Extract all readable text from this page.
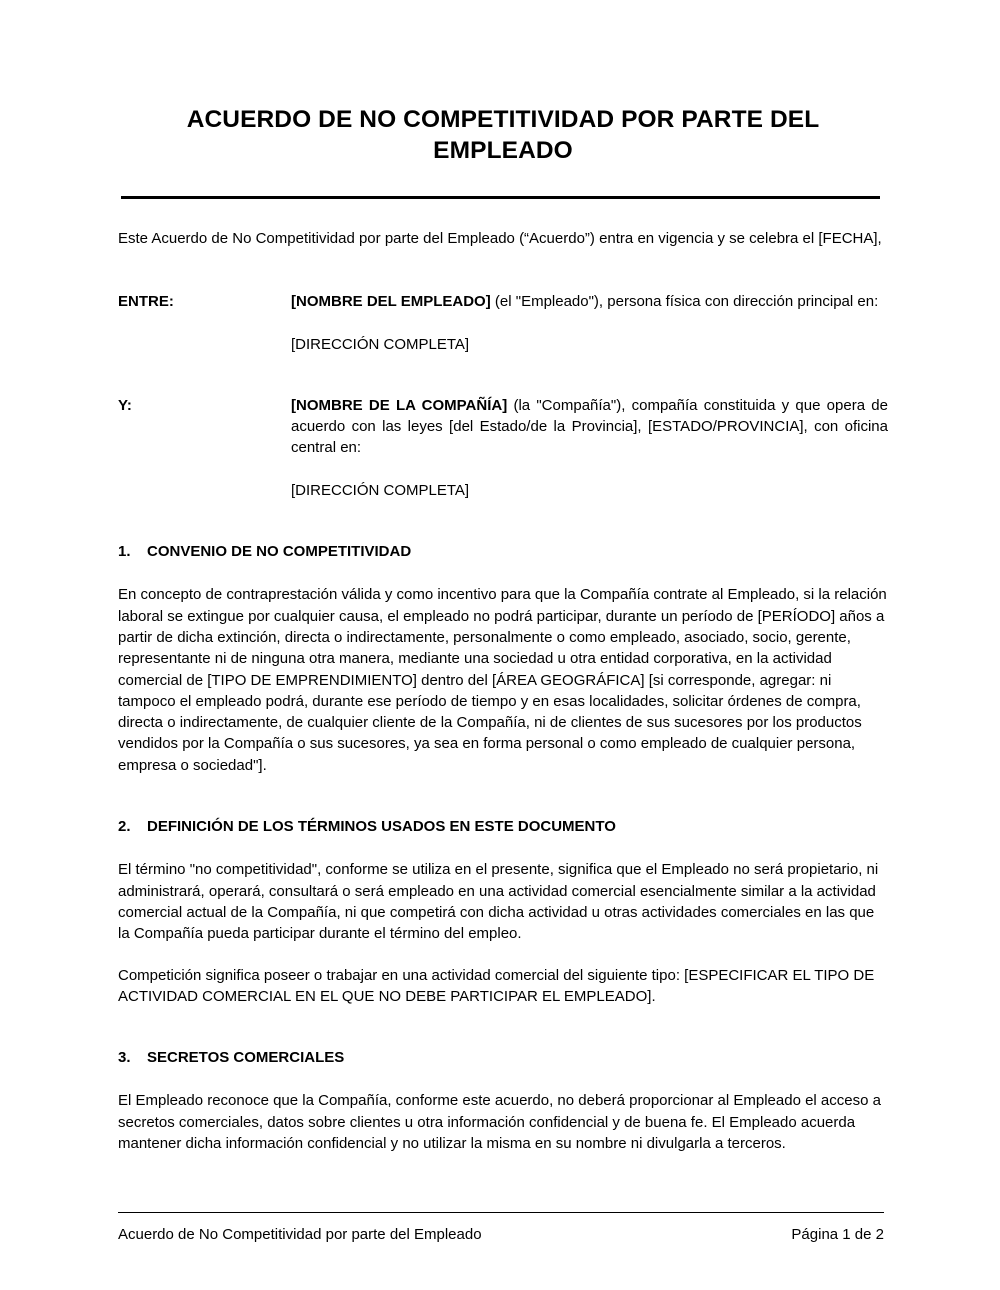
ACUERDO DE NO COMPETITIVIDAD POR PARTE DEL EMPLEADO

Este Acuerdo de No Competitividad por parte del Empleado (“Acuerdo”) entra en vigencia y se celebra el [FECHA],

ENTRE:	[NOMBRE DEL EMPLEADO] (el "Empleado"), persona física con dirección principal en:
[DIRECCIÓN COMPLETA]
Y:	[NOMBRE DE LA COMPAÑÍA] (la "Compañía"), compañía constituida y que opera de acuerdo con las leyes [del Estado/de la Provincia], [ESTADO/PROVINCIA], con oficina central en:
[DIRECCIÓN COMPLETA]
1.	CONVENIO DE NO COMPETITIVIDAD

En concepto de contraprestación válida y como incentivo para que la Compañía contrate al Empleado, si la relación laboral se extingue por cualquier causa, el empleado no podrá participar, durante un período de [PERÍODO] años a partir de dicha extinción, directa o indirectamente, personalmente o como empleado, asociado, socio, gerente, representante ni de ninguna otra manera, mediante una sociedad u otra entidad corporativa, en la actividad comercial de [TIPO DE EMPRENDIMIENTO] dentro del [ÁREA GEOGRÁFICA] [si corresponde, agregar: ni tampoco el empleado podrá, durante ese período de tiempo y en esas localidades, solicitar órdenes de compra, directa o indirectamente, de cualquier cliente de la Compañía, ni de clientes de sus sucesores por los productos vendidos por la Compañía o sus sucesores, ya sea en forma personal o como empleado de cualquier persona, empresa o sociedad"].

2.	DEFINICIÓN DE LOS TÉRMINOS USADOS EN ESTE DOCUMENTO

El término "no competitividad", conforme se utiliza en el presente, significa que el Empleado no será propietario, ni administrará, operará, consultará o será empleado en una actividad comercial esencialmente similar a la actividad comercial actual de la Compañía, ni que competirá con dicha actividad u otras actividades comerciales en las que la Compañía pueda participar durante el término del empleo.

Competición significa poseer o trabajar en una actividad comercial del siguiente tipo: [ESPECIFICAR EL TIPO DE ACTIVIDAD COMERCIAL EN EL QUE NO DEBE PARTICIPAR EL EMPLEADO].

3.	SECRETOS COMERCIALES

El Empleado reconoce que la Compañía, conforme este acuerdo, no deberá proporcionar al Empleado el acceso a secretos comerciales, datos sobre clientes u otra información confidencial y de buena fe. El Empleado acuerda mantener dicha información confidencial y no utilizar la misma en su nombre ni divulgarla a terceros.

Acuerdo de No Competitividad por parte del Empleado	Página 1 de 2
